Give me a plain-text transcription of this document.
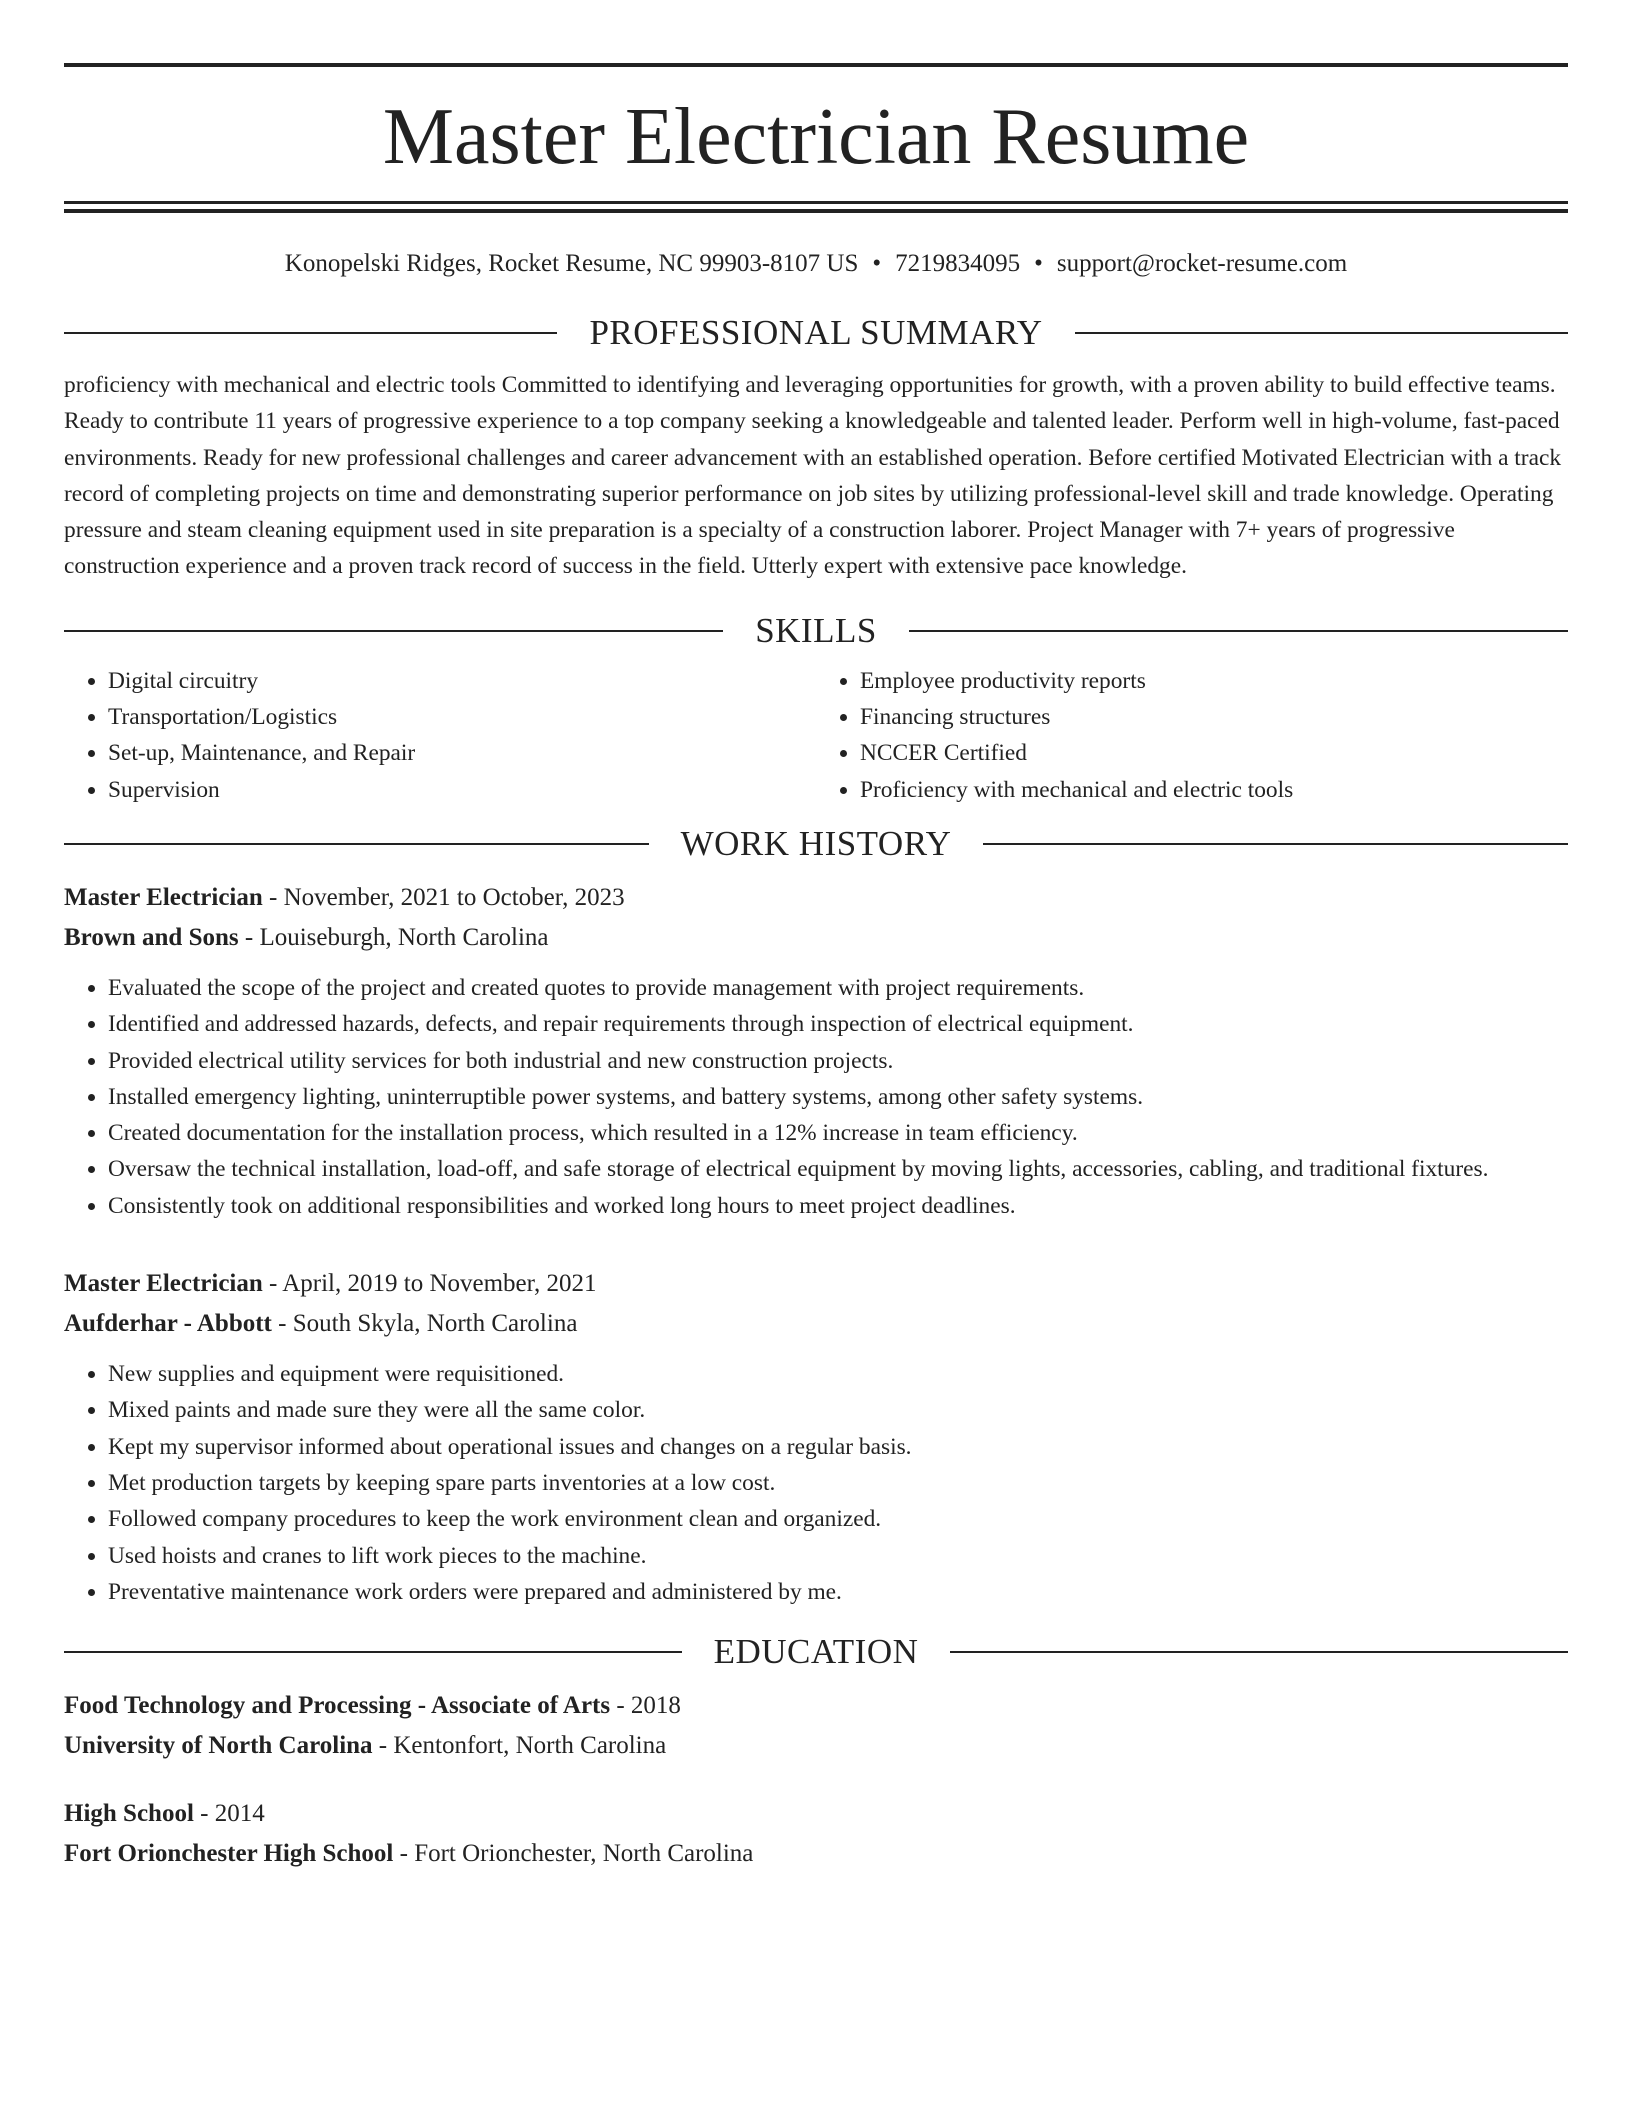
Master Electrician Resume
Konopelski Ridges, Rocket Resume, NC 99903-8107 US • 7219834095 • support@rocket-resume.com
PROFESSIONAL SUMMARY
proficiency with mechanical and electric tools Committed to identifying and leveraging opportunities for growth, with a proven ability to build effective teams. Ready to contribute 11 years of progressive experience to a top company seeking a knowledgeable and talented leader. Perform well in high-volume, fast-paced environments. Ready for new professional challenges and career advancement with an established operation. Before certified Motivated Electrician with a track record of completing projects on time and demonstrating superior performance on job sites by utilizing professional-level skill and trade knowledge. Operating pressure and steam cleaning equipment used in site preparation is a specialty of a construction laborer. Project Manager with 7+ years of progressive construction experience and a proven track record of success in the field. Utterly expert with extensive pace knowledge.
SKILLS
• Digital circuitry
• Transportation/Logistics
• Set-up, Maintenance, and Repair
• Supervision
• Employee productivity reports
• Financing structures
• NCCER Certified
• Proficiency with mechanical and electric tools
WORK HISTORY
Master Electrician - November, 2021 to October, 2023
Brown and Sons - Louiseburgh, North Carolina
• Evaluated the scope of the project and created quotes to provide management with project requirements.
• Identified and addressed hazards, defects, and repair requirements through inspection of electrical equipment.
• Provided electrical utility services for both industrial and new construction projects.
• Installed emergency lighting, uninterruptible power systems, and battery systems, among other safety systems.
• Created documentation for the installation process, which resulted in a 12% increase in team efficiency.
• Oversaw the technical installation, load-off, and safe storage of electrical equipment by moving lights, accessories, cabling, and traditional fixtures.
• Consistently took on additional responsibilities and worked long hours to meet project deadlines.
Master Electrician - April, 2019 to November, 2021
Aufderhar - Abbott - South Skyla, North Carolina
• New supplies and equipment were requisitioned.
• Mixed paints and made sure they were all the same color.
• Kept my supervisor informed about operational issues and changes on a regular basis.
• Met production targets by keeping spare parts inventories at a low cost.
• Followed company procedures to keep the work environment clean and organized.
• Used hoists and cranes to lift work pieces to the machine.
• Preventative maintenance work orders were prepared and administered by me.
EDUCATION
Food Technology and Processing - Associate of Arts - 2018
University of North Carolina - Kentonfort, North Carolina
High School - 2014
Fort Orionchester High School - Fort Orionchester, North Carolina
